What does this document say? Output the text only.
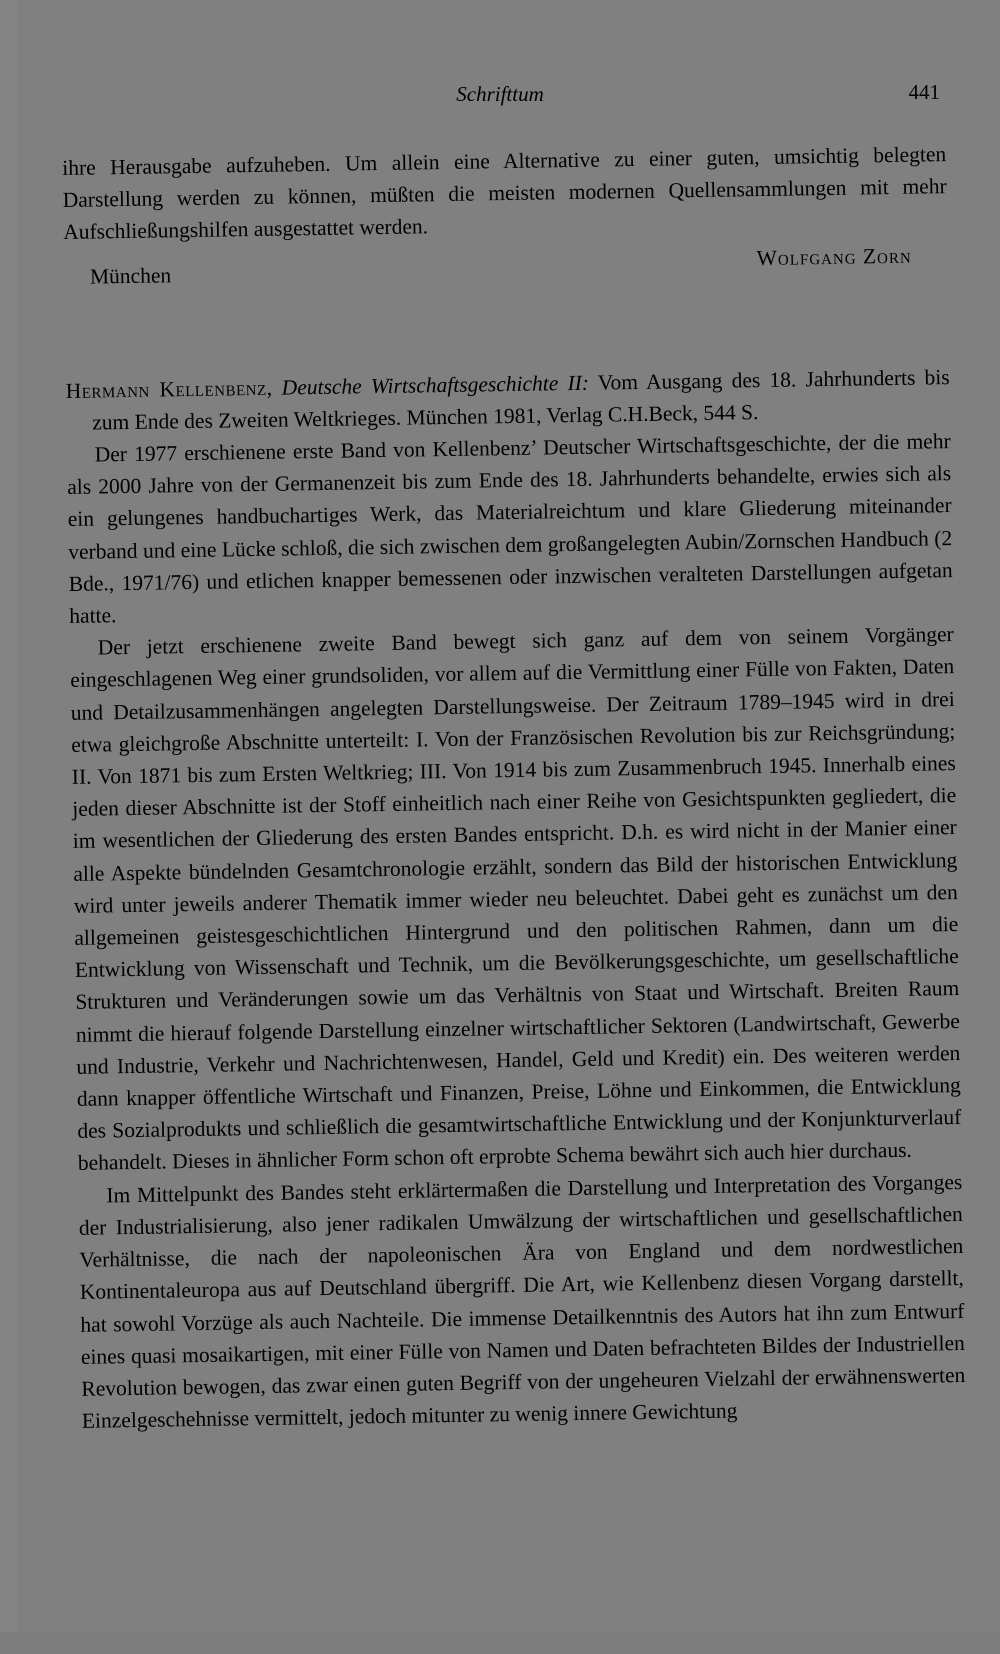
Schrifttum	441

ihre Herausgabe aufzuheben. Um allein eine Alternative zu einer guten, umsichtig belegten Darstellung werden zu können, müßten die meisten modernen Quellensammlungen mit mehr Aufschließungshilfen ausgestattet werden.

München
Wolfgang Zorn

Hermann Kellenbenz, Deutsche Wirtschaftsgeschichte II: Vom Ausgang des 18. Jahrhunderts bis zum Ende des Zweiten Weltkrieges. München 1981, Verlag C.H.Beck, 544 S.

Der 1977 erschienene erste Band von Kellenbenz’ Deutscher Wirtschaftsgeschichte, der die mehr als 2000 Jahre von der Germanenzeit bis zum Ende des 18. Jahrhunderts behandelte, erwies sich als ein gelungenes handbuchartiges Werk, das Materialreichtum und klare Gliederung miteinander verband und eine Lücke schloß, die sich zwischen dem großangelegten Aubin/Zornschen Handbuch (2 Bde., 1971/76) und etlichen knapper bemessenen oder inzwischen veralteten Darstellungen aufgetan hatte.

Der jetzt erschienene zweite Band bewegt sich ganz auf dem von seinem Vorgänger eingeschlagenen Weg einer grundsoliden, vor allem auf die Vermittlung einer Fülle von Fakten, Daten und Detailzusammenhängen angelegten Darstellungsweise. Der Zeitraum 1789–1945 wird in drei etwa gleichgroße Abschnitte unterteilt: I. Von der Französischen Revolution bis zur Reichsgründung; II. Von 1871 bis zum Ersten Weltkrieg; III. Von 1914 bis zum Zusammenbruch 1945. Innerhalb eines jeden dieser Abschnitte ist der Stoff einheitlich nach einer Reihe von Gesichtspunkten gegliedert, die im wesentlichen der Gliederung des ersten Bandes entspricht. D.h. es wird nicht in der Manier einer alle Aspekte bündelnden Gesamtchronologie erzählt, sondern das Bild der historischen Entwicklung wird unter jeweils anderer Thematik immer wieder neu beleuchtet. Dabei geht es zunächst um den allgemeinen geistesgeschichtlichen Hintergrund und den politischen Rahmen, dann um die Entwicklung von Wissenschaft und Technik, um die Bevölkerungsgeschichte, um gesellschaftliche Strukturen und Veränderungen sowie um das Verhältnis von Staat und Wirtschaft. Breiten Raum nimmt die hierauf folgende Darstellung einzelner wirtschaftlicher Sektoren (Landwirtschaft, Gewerbe und Industrie, Verkehr und Nachrichtenwesen, Handel, Geld und Kredit) ein. Des weiteren werden dann knapper öffentliche Wirtschaft und Finanzen, Preise, Löhne und Einkommen, die Entwicklung des Sozialprodukts und schließlich die gesamtwirtschaftliche Entwicklung und der Konjunkturverlauf behandelt. Dieses in ähnlicher Form schon oft erprobte Schema bewährt sich auch hier durchaus.

Im Mittelpunkt des Bandes steht erklärtermaßen die Darstellung und Interpretation des Vorganges der Industrialisierung, also jener radikalen Umwälzung der wirtschaftlichen und gesellschaftlichen Verhältnisse, die nach der napoleonischen Ära von England und dem nordwestlichen Kontinentaleuropa aus auf Deutschland übergriff. Die Art, wie Kellenbenz diesen Vorgang darstellt, hat sowohl Vorzüge als auch Nachteile. Die immense Detailkenntnis des Autors hat ihn zum Entwurf eines quasi mosaikartigen, mit einer Fülle von Namen und Daten befrachteten Bildes der Industriellen Revolution bewogen, das zwar einen guten Begriff von der ungeheuren Vielzahl der erwähnenswerten Einzelgeschehnisse vermittelt, jedoch mitunter zu wenig innere Gewichtung
